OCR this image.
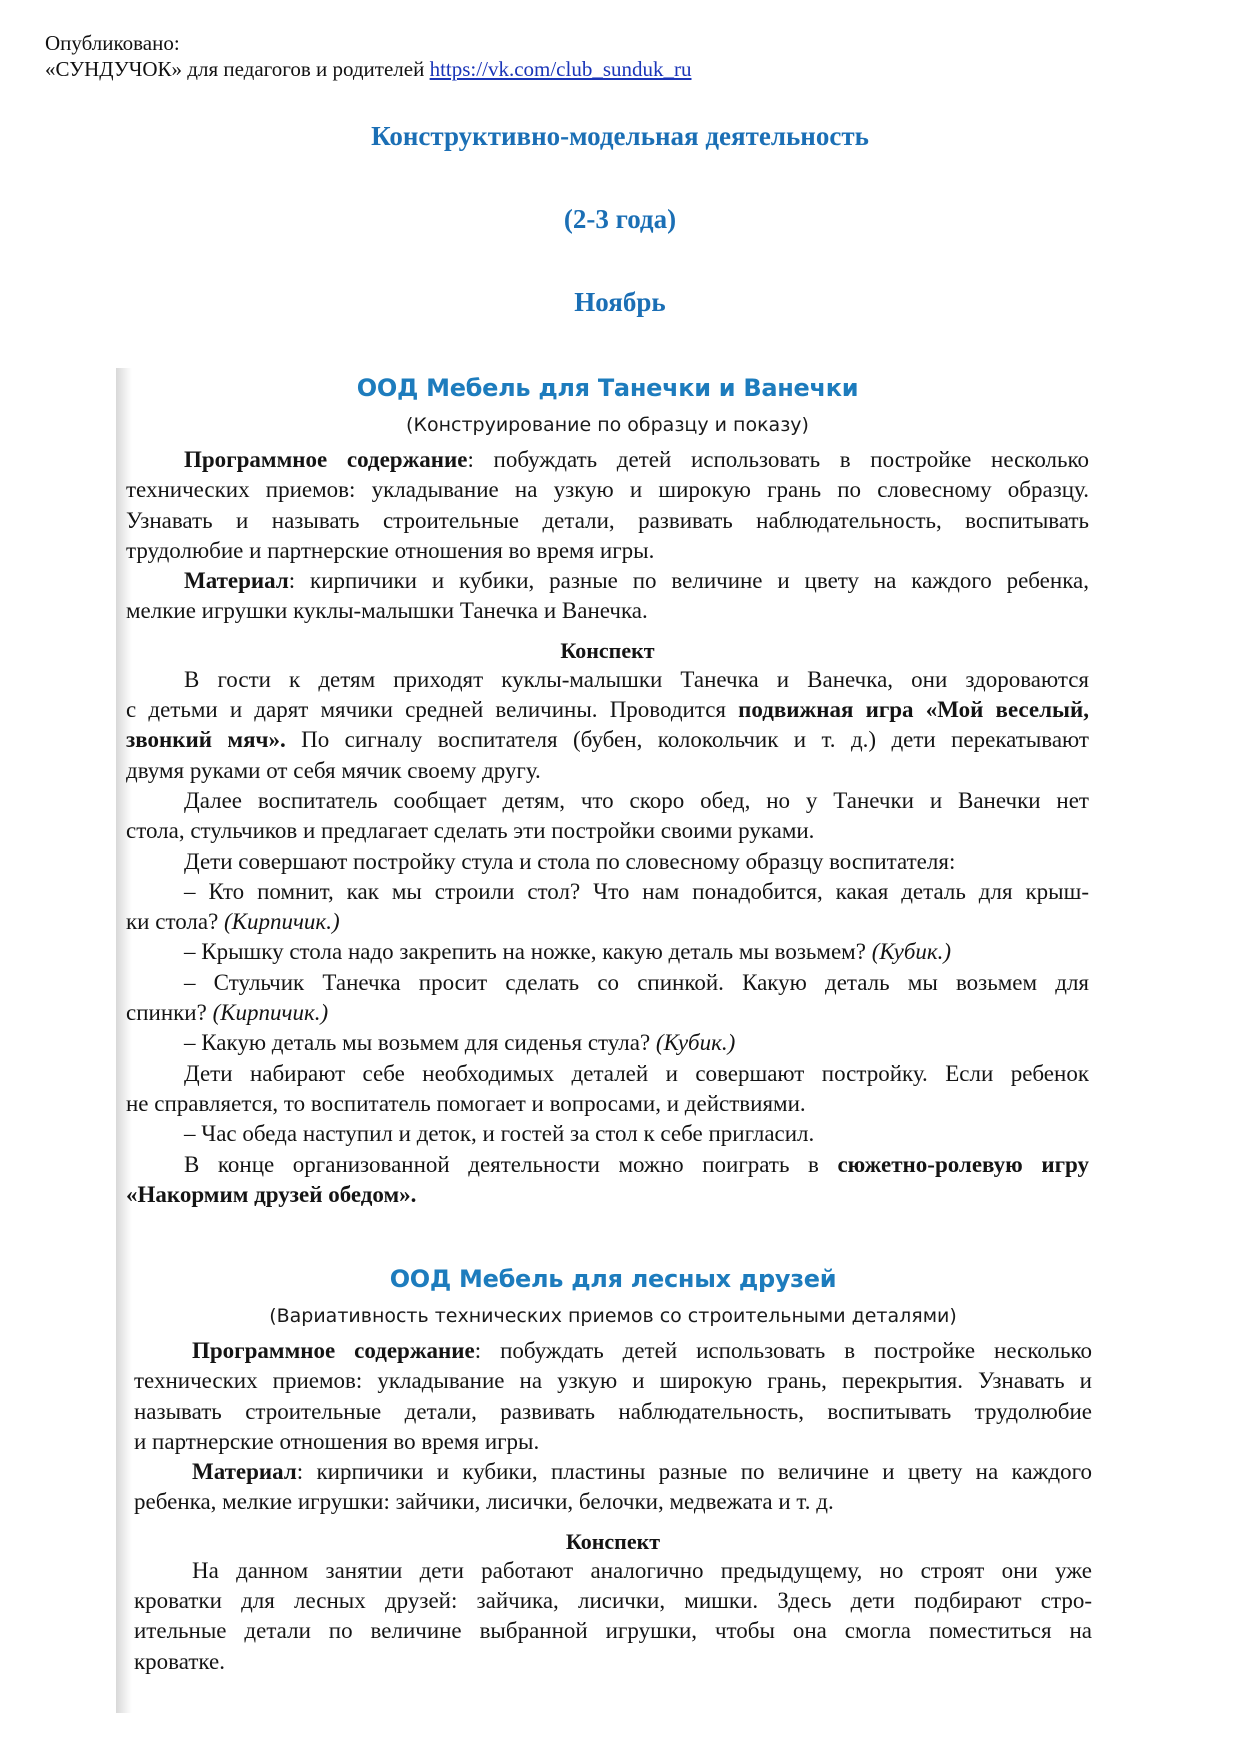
Опубликовано:
«СУНДУЧОК» для педагогов и родителей https://vk.com/club_sunduk_ru
Конструктивно-модельная деятельность
(2-3 года)
Ноябрь
ООД Мебель для Танечки и Ванечки
(Конструирование по образцу и показу)
Программное содержание: побуждать детей использовать в постройке несколько
технических приемов: укладывание на узкую и широкую грань по словесному образцу.
Узнавать и называть строительные детали, развивать наблюдательность, воспитывать
трудолюбие и партнерские отношения во время игры.
Материал: кирпичики и кубики, разные по величине и цвету на каждого ребенка,
мелкие игрушки куклы-малышки Танечка и Ванечка.
Конспект
В гости к детям приходят куклы-малышки Танечка и Ванечка, они здороваются
с детьми и дарят мячики средней величины. Проводится подвижная игра «Мой веселый,
звонкий мяч». По сигналу воспитателя (бубен, колокольчик и т. д.) дети перекатывают
двумя руками от себя мячик своему другу.
Далее воспитатель сообщает детям, что скоро обед, но у Танечки и Ванечки нет
стола, стульчиков и предлагает сделать эти постройки своими руками.
Дети совершают постройку стула и стола по словесному образцу воспитателя:
– Кто помнит, как мы строили стол? Что нам понадобится, какая деталь для крыш-
ки стола? (Кирпичик.)
– Крышку стола надо закрепить на ножке, какую деталь мы возьмем? (Кубик.)
– Стульчик Танечка просит сделать со спинкой. Какую деталь мы возьмем для
спинки? (Кирпичик.)
– Какую деталь мы возьмем для сиденья стула? (Кубик.)
Дети набирают себе необходимых деталей и совершают постройку. Если ребенок
не справляется, то воспитатель помогает и вопросами, и действиями.
– Час обеда наступил и деток, и гостей за стол к себе пригласил.
В конце организованной деятельности можно поиграть в сюжетно-ролевую игру
«Накормим друзей обедом».
ООД Мебель для лесных друзей
(Вариативность технических приемов со строительными деталями)
Программное содержание: побуждать детей использовать в постройке несколько
технических приемов: укладывание на узкую и широкую грань, перекрытия. Узнавать и
называть строительные детали, развивать наблюдательность, воспитывать трудолюбие
и партнерские отношения во время игры.
Материал: кирпичики и кубики, пластины разные по величине и цвету на каждого
ребенка, мелкие игрушки: зайчики, лисички, белочки, медвежата и т. д.
Конспект
На данном занятии дети работают аналогично предыдущему, но строят они уже
кроватки для лесных друзей: зайчика, лисички, мишки. Здесь дети подбирают стро-
ительные детали по величине выбранной игрушки, чтобы она смогла поместиться на
кроватке.
